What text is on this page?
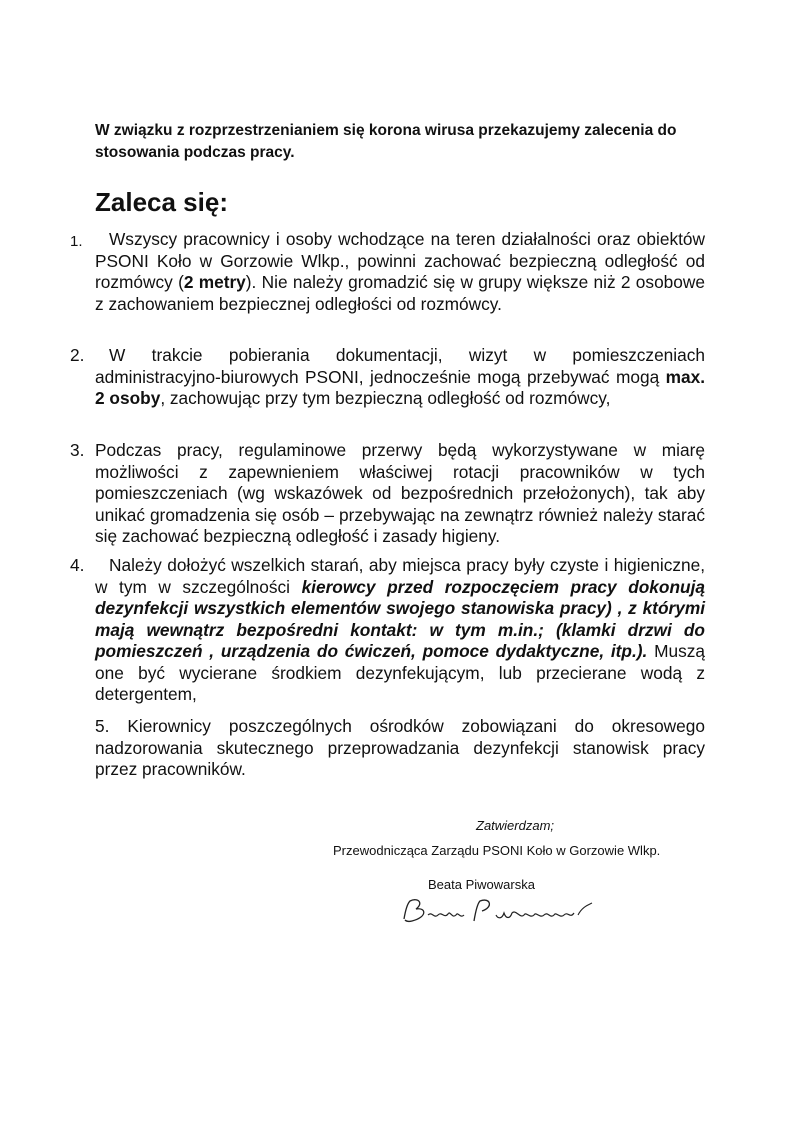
W związku z rozprzestrzenianiem się korona wirusa przekazujemy zalecenia do
stosowania podczas pracy.
Zaleca się:
1.	Wszyscy pracownicy i osoby wchodzące na teren działalności oraz obiektów PSONI Koło w Gorzowie Wlkp., powinni zachować bezpieczną odległość od rozmówcy (2 metry). Nie należy gromadzić się w grupy większe niż 2 osobowe z zachowaniem bezpiecznej odległości od rozmówcy.
2.	W trakcie pobierania dokumentacji, wizyt w pomieszczeniach administracyjno-biurowych PSONI, jednocześnie mogą przebywać mogą max. 2 osoby, zachowując przy tym bezpieczną odległość od rozmówcy,
3. Podczas pracy, regulaminowe przerwy będą wykorzystywane w miarę możliwości z zapewnieniem właściwej rotacji pracowników w tych pomieszczeniach (wg wskazówek od bezpośrednich przełożonych), tak aby unikać gromadzenia się osób – przebywając na zewnątrz również należy starać się zachować bezpieczną odległość i zasady higieny.
4.	Należy dołożyć wszelkich starań, aby miejsca pracy były czyste i higieniczne, w tym w szczególności kierowcy przed rozpoczęciem pracy dokonują dezynfekcji wszystkich elementów swojego stanowiska pracy) , z którymi mają wewnątrz bezpośredni kontakt: w tym m.in.; (klamki drzwi do pomieszczeń , urządzenia do ćwiczeń, pomoce dydaktyczne, itp.). Muszą one być wycierane środkiem dezynfekującym, lub przecierane wodą z detergentem,
5. Kierownicy poszczególnych ośrodków zobowiązani do okresowego nadzorowania skutecznego przeprowadzania dezynfekcji stanowisk pracy przez pracowników.
Zatwierdzam;
Przewodnicząca Zarządu PSONI Koło w Gorzowie Wlkp.
Beata Piwowarska
